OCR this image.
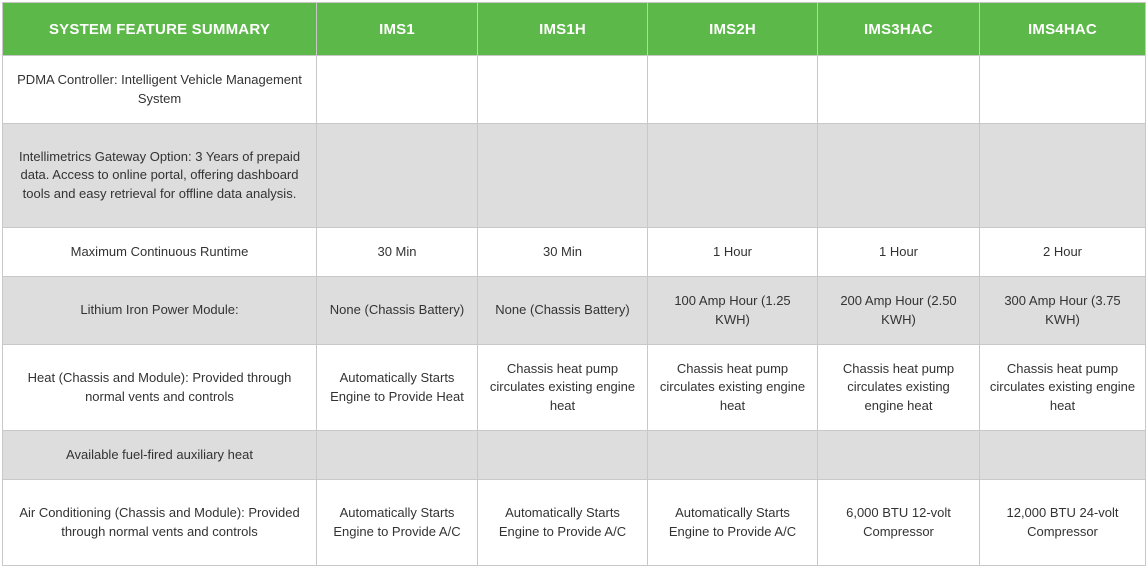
SYSTEM FEATURE SUMMARY	IMS1	IMS1H	IMS2H	IMS3HAC	IMS4HAC
PDMA Controller: Intelligent Vehicle Management System					
Intellimetrics Gateway Option: 3 Years of prepaid data. Access to online portal, offering dashboard tools and easy retrieval for offline data analysis.					
Maximum Continuous Runtime	30 Min	30 Min	1 Hour	1 Hour	2 Hour
Lithium Iron Power Module:	None (Chassis Battery)	None (Chassis Battery)	100 Amp Hour (1.25 KWH)	200 Amp Hour (2.50 KWH)	300 Amp Hour (3.75 KWH)
Heat (Chassis and Module): Provided through normal vents and controls	Automatically Starts Engine to Provide Heat	Chassis heat pump circulates existing engine heat	Chassis heat pump circulates existing engine heat	Chassis heat pump circulates existing engine heat	Chassis heat pump circulates existing engine heat
Available fuel-fired auxiliary heat					
Air Conditioning (Chassis and Module): Provided through normal vents and controls	Automatically Starts Engine to Provide A/C	Automatically Starts Engine to Provide A/C	Automatically Starts Engine to Provide A/C	6,000 BTU 12-volt Compressor	12,000 BTU 24-volt Compressor
